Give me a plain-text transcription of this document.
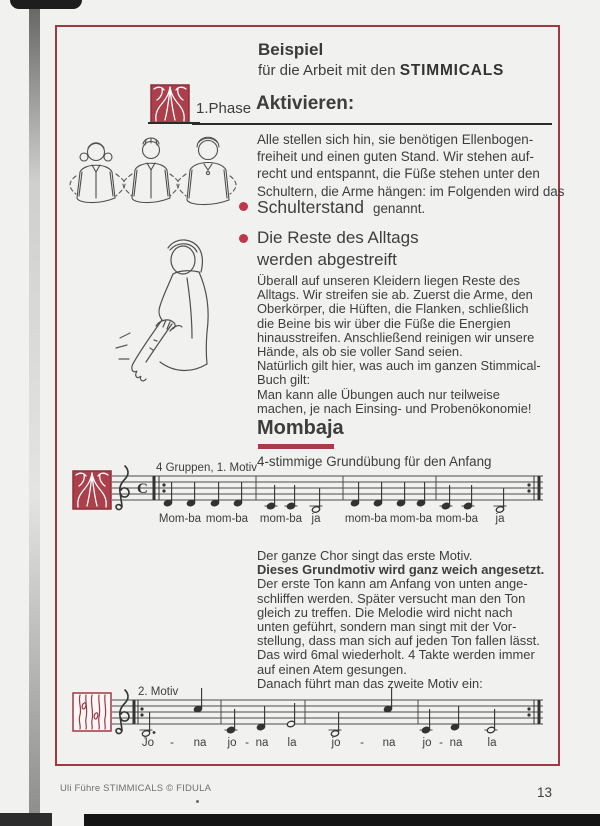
Beispiel
für die Arbeit mit den STIMMICALS
1.Phase Aktivieren:
Alle stellen sich hin, sie benötigen Ellenbogen-
freiheit und einen guten Stand. Wir stehen auf-
recht und entspannt, die Füße stehen unter den
Schultern, die Arme hängen: im Folgenden wird das
Schulterstand genannt.
Die Reste des Alltags
werden abgestreift
Überall auf unseren Kleidern liegen Reste des
Alltags. Wir streifen sie ab. Zuerst die Arme, den
Oberkörper, die Hüften, die Flanken, schließlich
die Beine bis wir über die Füße die Energien
hinausstreifen. Anschließend reinigen wir unsere
Hände, als ob sie voller Sand seien.
Natürlich gilt hier, was auch im ganzen Stimmical-
Buch gilt:
Man kann alle Übungen auch nur teilweise
machen, je nach Einsing- und Probenökonomie!
Mombaja
4-stimmige Grundübung für den Anfang
4 Gruppen, 1. Motiv
C
Mom-ba mom-ba mom-ba ja mom-ba mom-ba mom-ba ja
Der ganze Chor singt das erste Motiv.
Dieses Grundmotiv wird ganz weich angesetzt.
Der erste Ton kann am Anfang von unten ange-
schliffen werden. Später versucht man den Ton
gleich zu treffen. Die Melodie wird nicht nach
unten geführt, sondern man singt mit der Vor-
stellung, dass man sich auf jeden Ton fallen lässt.
Das wird 6mal wiederholt. 4 Takte werden immer
auf einen Atem gesungen.
Danach führt man das zweite Motiv ein:
2. Motiv
Jo - na jo - na la	jo - na jo - na la
Uli Führe STIMMICALS © FIDULA	13
